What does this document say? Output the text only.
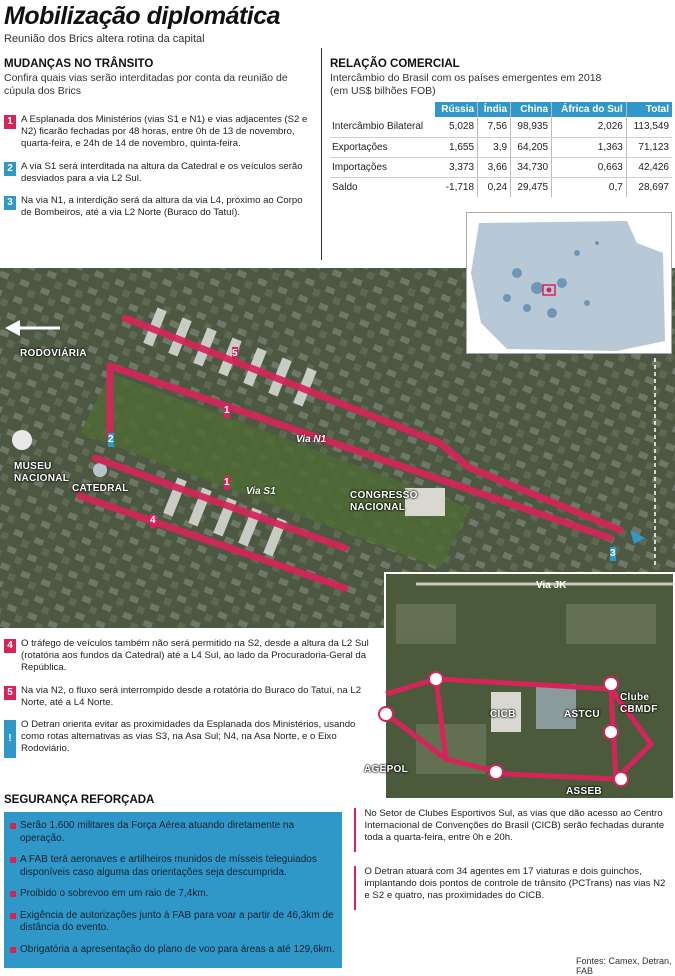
Mobilização diplomática
Reunião dos Brics altera rotina da capital
MUDANÇAS NO TRÂNSITO
Confira quais vias serão interditadas por conta da reunião de cúpula dos Brics
1 A Esplanada dos Ministérios (vias S1 e N1) e vias adjacentes (S2 e N2) ficarão fechadas por 48 horas, entre 0h de 13 de novembro, quarta-feira, e 24h de 14 de novembro, quinta-feira.
2 A via S1 será interditada na altura da Catedral e os veículos serão desviados para a via L2 Sul.
3 Na via N1, a interdição será da altura da via L4, próximo ao Corpo de Bombeiros, até a via L2 Norte (Buraco do Tatuí).
RELAÇÃO COMERCIAL
Intercâmbio do Brasil com os países emergentes em 2018
(em US$ bilhões FOB)
	Rússia	Índia	China	África do Sul	Total
Intercâmbio Bilateral	5,028	7,56	98,935	2,026	113,549
Exportações	1,655	3,9	64,205	1,363	71,123
Importações	3,373	3,66	34,730	0,663	42,426
Saldo	-1,718	0,24	29,475	0,7	28,697
5
1
2
1
4
3
RODOVIÁRIA
MUSEU
NACIONAL
CATEDRAL
CONGRESSO
NACIONAL
Via N1
Via S1
4 O tráfego de veículos também não será permitido na S2, desde a altura da L2 Sul (rotatória aos fundos da Catedral) até a L4 Sul, ao lado da Procuradoria-Geral da República.
5 Na via N2, o fluxo será interrompido desde a rotatória do Buraco do Tatuí, na L2 Norte, até a L4 Norte.
!
O Detran orienta evitar as proximidades da Esplanada dos Ministérios, usando como rotas alternativas as vias S3, na Asa Sul; N4, na Asa Norte, e o Eixo Rodoviário.
Via JK
CICB	ASTCU
Clube
CBMDF
AGEPOL
ASSEB
SEGURANÇA REFORÇADA
Serão 1.600 militares da Força Aérea atuando diretamente na operação.
A FAB terá aeronaves e artilheiros munidos de mísseis teleguiados disponíveis caso alguma das orientações seja descumprida.
Proibido o sobrevoo em um raio de 7,4km.
Exigência de autorizações junto à FAB para voar a partir de 46,3km de distância do evento.
Obrigatória a apresentação do plano de voo para áreas a até 129,6km.
No Setor de Clubes Esportivos Sul, as vias que dão acesso ao Centro Internacional de Convenções do Brasil (CICB) serão fechadas durante toda a quarta-feira, entre 0h e 20h.
O Detran atuará com 34 agentes em 17 viaturas e dois guinchos, implantando dois pontos de controle de trânsito (PCTrans) nas vias N2 e S2 e quatro, nas proximidades do CICB.
Fontes: Camex, Detran, FAB
